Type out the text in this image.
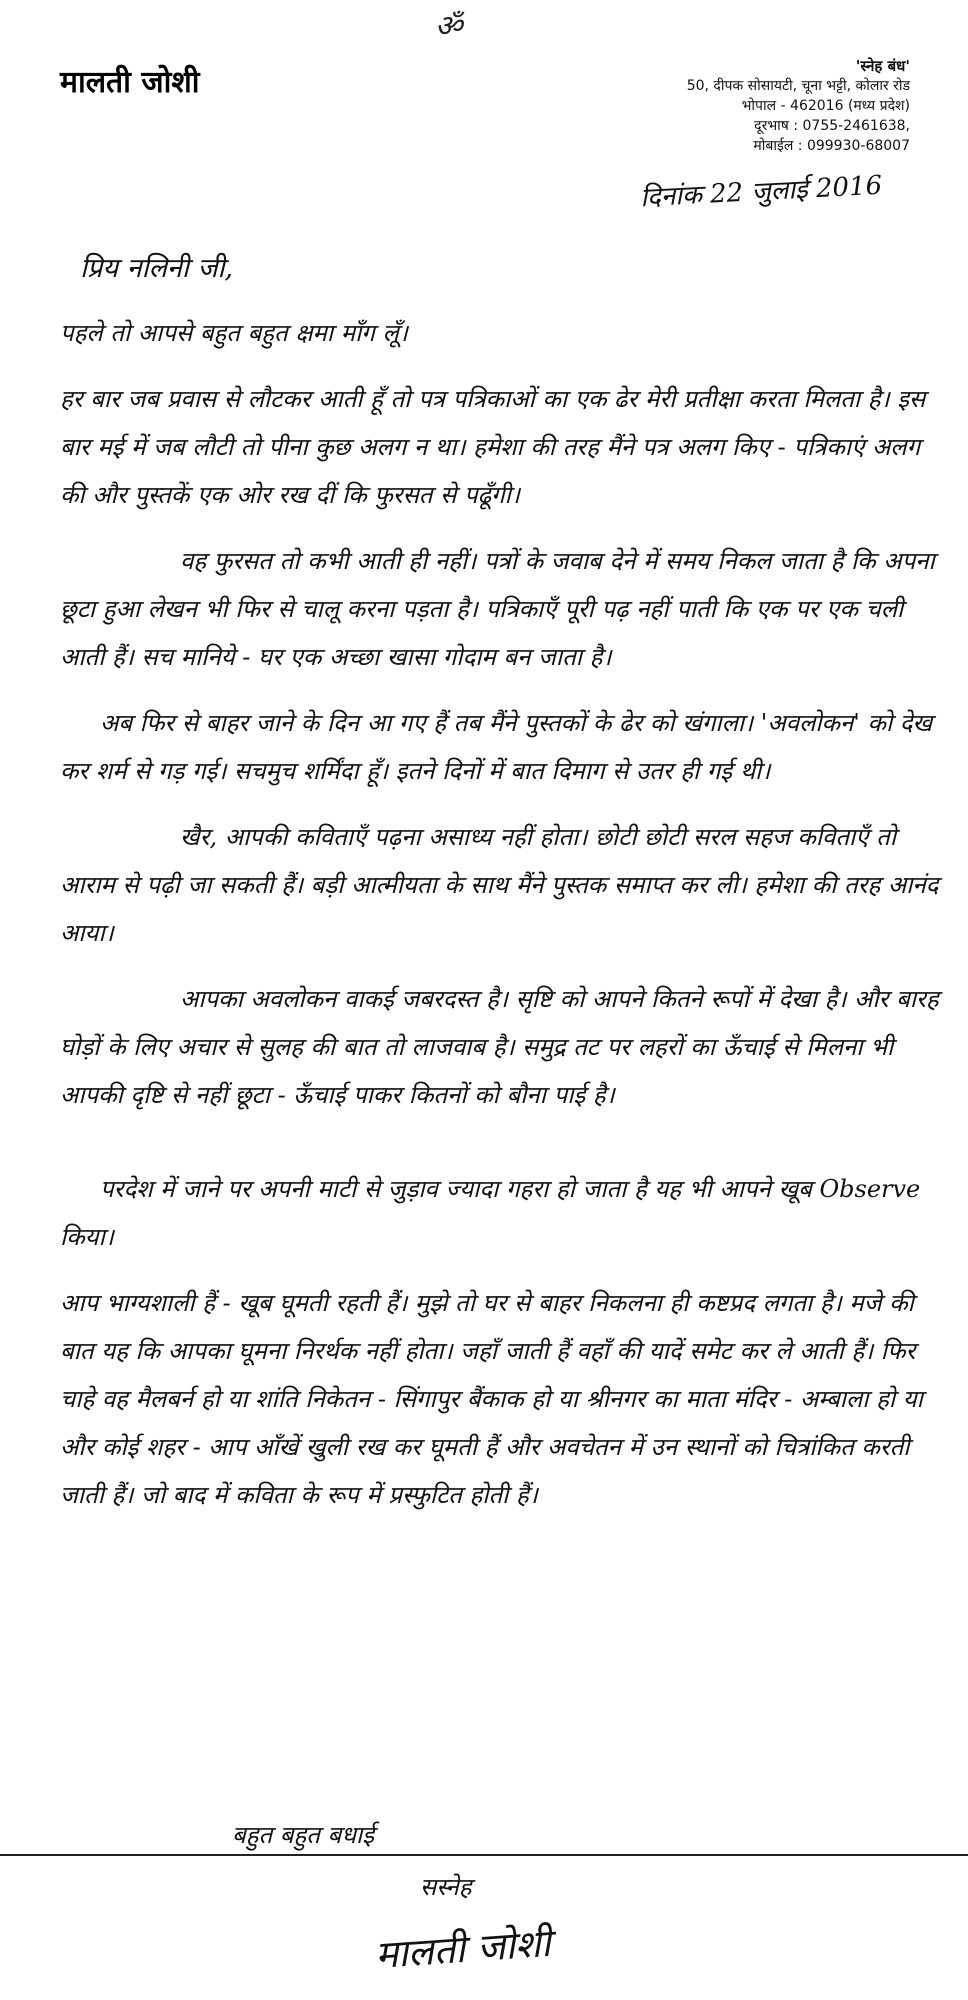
ॐ
मालती जोशी	'स्नेह बंध'
50, दीपक सोसायटी, चूना भट्टी, कोलार रोड
भोपाल - 462016 (मध्य प्रदेश)
दूरभाष : 0755-2461638,
मोबाईल : 099930-68007
दिनांक 22 जुलाई 2016
प्रिय नलिनी जी,

पहले तो आपसे बहुत बहुत क्षमा माँग लूँ।

हर बार जब प्रवास से लौटकर आती हूँ तो पत्र पत्रिकाओं का एक ढेर मेरी प्रतीक्षा करता मिलता है। इस बार मई में जब लौटी तो पीना कुछ अलग न था। हमेशा की तरह मैंने पत्र अलग किए - पत्रिकाएं अलग की और पुस्तकें एक ओर रख दीं कि फुरसत से पढूँगी।

वह फुरसत तो कभी आती ही नहीं। पत्रों के जवाब देने में समय निकल जाता है कि अपना छूटा हुआ लेखन भी फिर से चालू करना पड़ता है। पत्रिकाएँ पूरी पढ़ नहीं पाती कि एक पर एक चली आती हैं। सच मानिये - घर एक अच्छा खासा गोदाम बन जाता है।

अब फिर से बाहर जाने के दिन आ गए हैं तब मैंने पुस्तकों के ढेर को खंगाला। 'अवलोकन' को देख कर शर्म से गड़ गई। सचमुच शर्मिंदा हूँ। इतने दिनों में बात दिमाग से उतर ही गई थी।

खैर, आपकी कविताएँ पढ़ना असाध्य नहीं होता। छोटी छोटी सरल सहज कविताएँ तो आराम से पढ़ी जा सकती हैं। बड़ी आत्मीयता के साथ मैंने पुस्तक समाप्त कर ली। हमेशा की तरह आनंद आया।

आपका अवलोकन वाकई जबरदस्त है। सृष्टि को आपने कितने रूपों में देखा है। और बारह घोड़ों के लिए अचार से सुलह की बात तो लाजवाब है। समुद्र तट पर लहरों का ऊँचाई से मिलना भी आपकी दृष्टि से नहीं छूटा - ऊँचाई पाकर कितनों को बौना पाई है।

परदेश में जाने पर अपनी माटी से जुड़ाव ज्यादा गहरा हो जाता है यह भी आपने खूब Observe किया।

आप भाग्यशाली हैं - खूब घूमती रहती हैं। मुझे तो घर से बाहर निकलना ही कष्टप्रद लगता है। मजे की बात यह कि आपका घूमना निरर्थक नहीं होता। जहाँ जाती हैं वहाँ की यादें समेट कर ले आती हैं। फिर चाहे वह मैलबर्न हो या शांति निकेतन - सिंगापुर बैंकाक हो या श्रीनगर का माता मंदिर - अम्बाला हो या और कोई शहर - आप आँखें खुली रख कर घूमती हैं और अवचेतन में उन स्थानों को चित्रांकित करती जाती हैं। जो बाद में कविता के रूप में प्रस्फुटित होती हैं।

बहुत बहुत बधाई
सस्नेह
मालती जोशी
